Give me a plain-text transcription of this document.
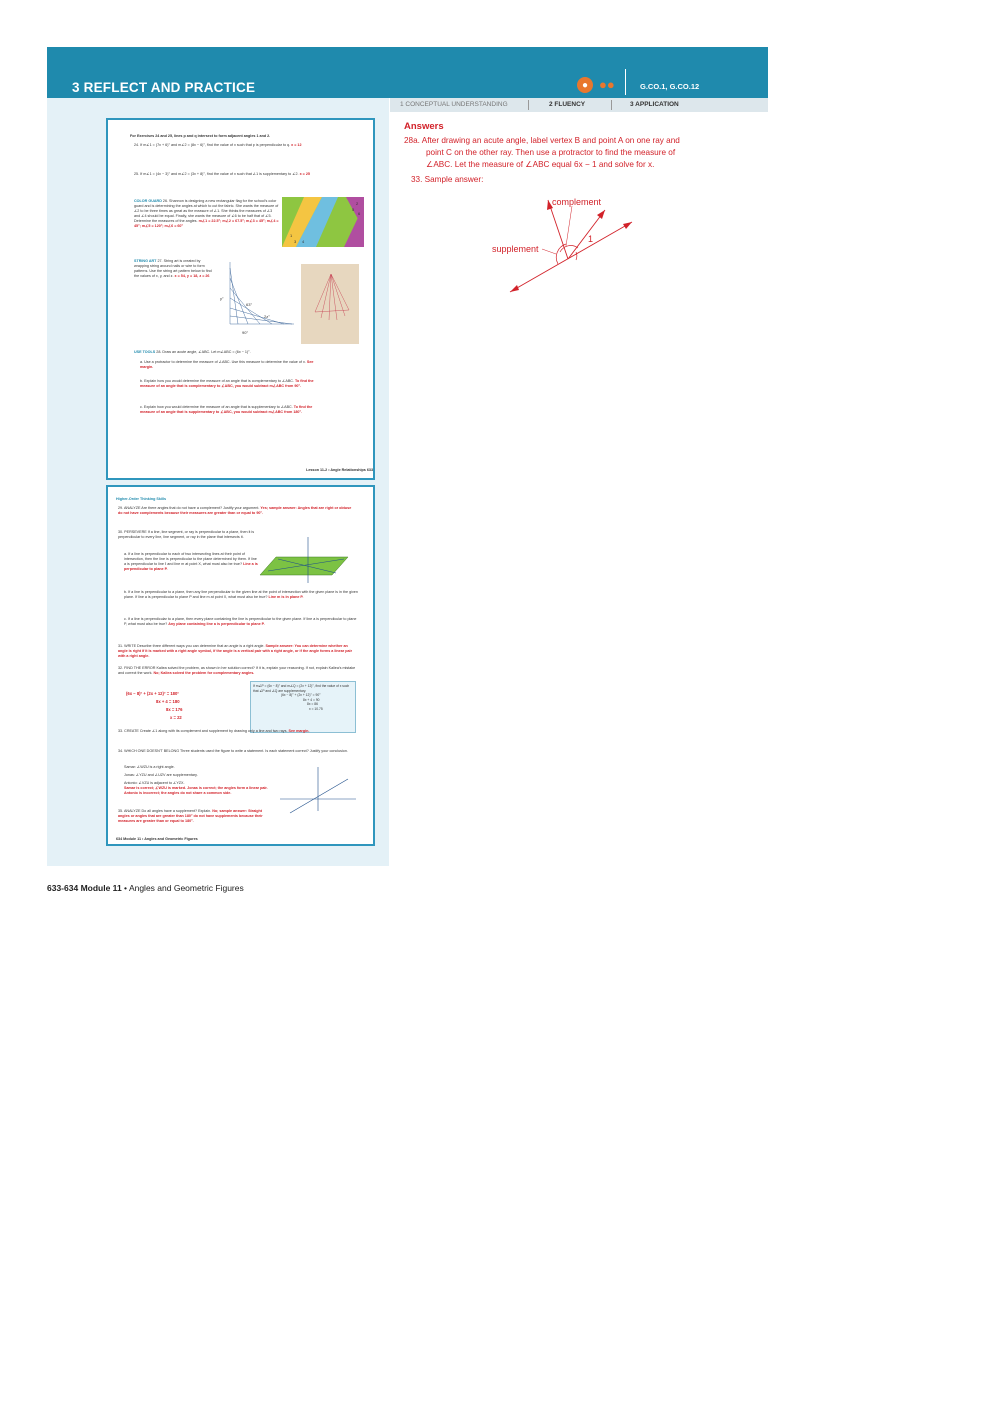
3 REFLECT AND PRACTICE	● ●●	G.CO.1, G.CO.12
1 CONCEPTUAL UNDERSTANDING	2 FLUENCY	3 APPLICATION
For Exercises 24 and 25, lines p and q intersect to form adjacent angles 1 and 2.
24. If m∠1 = (7x + 6)° and m∠2 = (8x − 6)°, find the value of x such that p is perpendicular to q. x = 12
25. If m∠1 = (4x − 3)° and m∠2 = (3x + 8)°, find the value of x such that ∠1 is supplementary to ∠2. x = 25
COLOR GUARD 26. Shannon is designing a new rectangular flag for the school's color guard and is determining the angles at which to cut the fabric. She wants the measure of ∠2 to be three times as great as the measure of ∠1. She thinks the measures of ∠3 and ∠4 should be equal. Finally, she wants the measure of ∠6 to be half that of ∠5. Determine the measures of the angles. m∠1 = 22.5°; m∠2 = 67.5°; m∠3 = 45°; m∠4 = 45°; m∠5 = 120°; m∠6 = 60°
1
2
3 4
5
6
STRING ART 27. String art is created by wrapping string around nails or wire to form patterns. Use the string art pattern below to find the values of x, y, and z. x = 54, y = 18, z = 26
63°
2z°
90°
y°
USE TOOLS 28. Draw an acute angle, ∠ABC. Let m∠ABC = (6x − 1)°.
a. Use a protractor to determine the measure of ∠ABC. Use this measure to determine the value of x. See margin.
b. Explain how you would determine the measure of an angle that is complementary to ∠ABC. To find the measure of an angle that is complementary to ∠ABC, you would subtract m∠ABC from 90°.
c. Explain how you would determine the measure of an angle that is supplementary to ∠ABC. To find the measure of an angle that is supplementary to ∠ABC, you would subtract m∠ABC from 180°.
Lesson 11-2 • Angle Relationships 633
Higher-Order Thinking Skills
29. ANALYZE Are there angles that do not have a complement? Justify your argument. Yes; sample answer: Angles that are right or obtuse do not have complements because their measures are greater than or equal to 90°.
30. PERSEVERE If a line, line segment, or ray is perpendicular to a plane, then it is perpendicular to every line, line segment, or ray in the plane that intersects it.
a. If a line is perpendicular to each of two intersecting lines at their point of intersection, then the line is perpendicular to the plane determined by them. If line a is perpendicular to line ℓ and line m at point X, what must also be true? Line a is perpendicular to plane P.
b. If a line is perpendicular to a plane, then any line perpendicular to the given line at the point of intersection with the given plane is in the given plane. If line a is perpendicular to plane P and line m at point X, what must also be true? Line m is in plane P.
c. If a line is perpendicular to a plane, then every plane containing the line is perpendicular to the given plane. If line a is perpendicular to plane P, what must also be true? Any plane containing line a is perpendicular to plane P.
31. WRITE Describe three different ways you can determine that an angle is a right angle. Sample answer: You can determine whether an angle is right if it is marked with a right angle symbol, if the angle is a vertical pair with a right angle, or if the angle forms a linear pair with a right angle.
32. FIND THE ERROR Kaliea solved the problem, as shown in her solution correct? If it is, explain your reasoning. If not, explain Kaliea's mistake and correct the work. No; Kaliea solved the problem for complementary angles.
(6x − 8)° + (2x + 12)° = 180°
8x + 4 = 180
8x = 176
x = 22
If m∠P = (6x − 8)° and m∠Q = (2x + 12)°, find the value of x such that ∠P and ∠Q are supplementary.
(6x − 8)° + (2x + 12)° = 90°
8x + 4 = 90
8x = 86
x = 10.75
33. CREATE Create ∠1 along with its complement and supplement by drawing only a line and two rays. See margin.
34. WHICH ONE DOESN'T BELONG Three students used the figure to write a statement. Is each statement correct? Justify your conclusion.
Samar: ∠WZU is a right angle.
Jonas: ∠YZU and ∠UZV are supplementary.
Antonio: ∠VZU is adjacent to ∠YZX.
Samar is correct; ∠WZU is marked. Jonas is correct; the angles form a linear pair. Antonio is incorrect; the angles do not share a common side.
35. ANALYZE Do all angles have a supplement? Explain. No; sample answer: Straight angles or angles that are greater than 180° do not have supplements because their measures are greater than or equal to 180°.
634 Module 11 • Angles and Geometric Figures
Answers
28a. After drawing an acute angle, label vertex B and point A on one ray and
point C on the other ray. Then use a protractor to find the measure of
∠ABC. Let the measure of ∠ABC equal 6x − 1 and solve for x.
33. Sample answer:
complement
supplement
1
633-634 Module 11 • Angles and Geometric Figures
